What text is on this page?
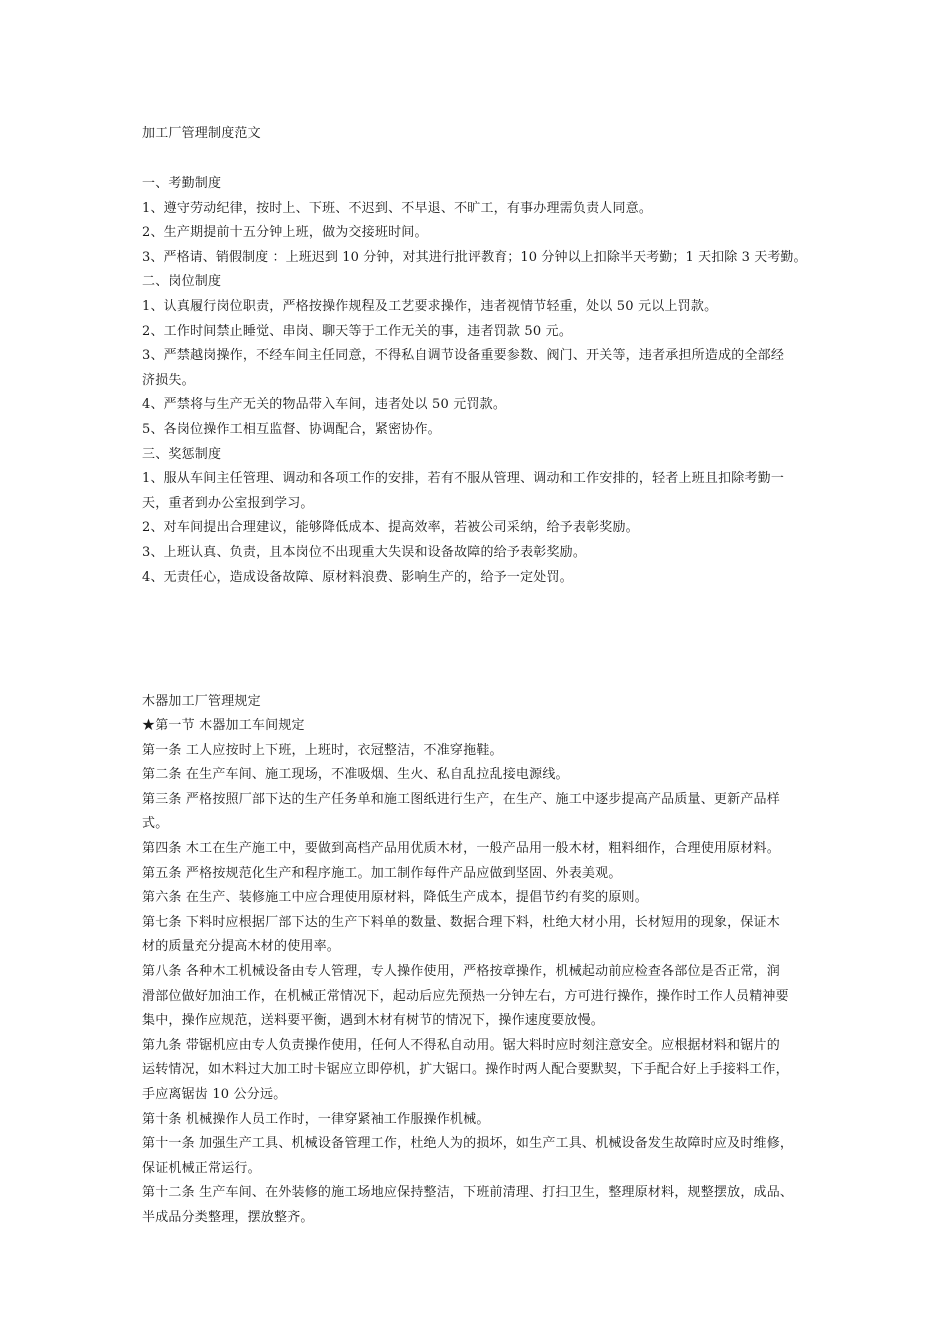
加工厂管理制度范文
一、考勤制度
1、遵守劳动纪律，按时上、下班、不迟到、不早退、不旷工，有事办理需负责人同意。
2、生产期提前十五分钟上班，做为交接班时间。
3、严格请、销假制度 ：上班迟到 10 分钟，对其进行批评教育；10 分钟以上扣除半天考勤；1 天扣除 3 天考勤。
二、岗位制度
1、认真履行岗位职责，严格按操作规程及工艺要求操作，违者视情节轻重，处以 50 元以上罚款。
2、工作时间禁止睡觉、串岗、聊天等于工作无关的事，违者罚款 50 元。
3、严禁越岗操作，不经车间主任同意，不得私自调节设备重要参数、阀门、开关等，违者承担所造成的全部经
济损失。
4、严禁将与生产无关的物品带入车间，违者处以 50 元罚款。
5、各岗位操作工相互监督、协调配合，紧密协作。
三、奖惩制度
1、服从车间主任管理、调动和各项工作的安排，若有不服从管理、调动和工作安排的，轻者上班且扣除考勤一
天，重者到办公室报到学习。
2、对车间提出合理建议，能够降低成本、提高效率，若被公司采纳，给予表彰奖励。
3、上班认真、负责，且本岗位不出现重大失误和设备故障的给予表彰奖励。
4、无责任心，造成设备故障、原材料浪费、影响生产的，给予一定处罚。
木器加工厂管理规定
★第一节 木器加工车间规定
第一条 工人应按时上下班，上班时，衣冠整洁，不准穿拖鞋。
第二条 在生产车间、施工现场，不准吸烟、生火、私自乱拉乱接电源线。
第三条 严格按照厂部下达的生产任务单和施工图纸进行生产，在生产、施工中逐步提高产品质量、更新产品样
式。
第四条 木工在生产施工中，要做到高档产品用优质木材，一般产品用一般木材，粗料细作，合理使用原材料。
第五条 严格按规范化生产和程序施工。加工制作每件产品应做到坚固、外表美观。
第六条 在生产、装修施工中应合理使用原材料，降低生产成本，提倡节约有奖的原则。
第七条 下料时应根据厂部下达的生产下料单的数量、数据合理下料，杜绝大材小用，长材短用的现象，保证木
材的质量充分提高木材的使用率。
第八条 各种木工机械设备由专人管理，专人操作使用，严格按章操作，机械起动前应检查各部位是否正常，润
滑部位做好加油工作，在机械正常情况下，起动后应先预热一分钟左右，方可进行操作，操作时工作人员精神要
集中，操作应规范，送料要平衡，遇到木材有树节的情况下，操作速度要放慢。
第九条 带锯机应由专人负责操作使用，任何人不得私自动用。锯大料时应时刻注意安全。应根据材料和锯片的
运转情况，如木料过大加工时卡锯应立即停机，扩大锯口。操作时两人配合要默契，下手配合好上手接料工作，
手应离锯齿 10 公分远。
第十条 机械操作人员工作时，一律穿紧袖工作服操作机械。
第十一条 加强生产工具、机械设备管理工作，杜绝人为的损坏，如生产工具、机械设备发生故障时应及时维修，
保证机械正常运行。
第十二条 生产车间、在外装修的施工场地应保持整洁，下班前清理、打扫卫生，整理原材料，规整摆放，成品、
半成品分类整理，摆放整齐。
